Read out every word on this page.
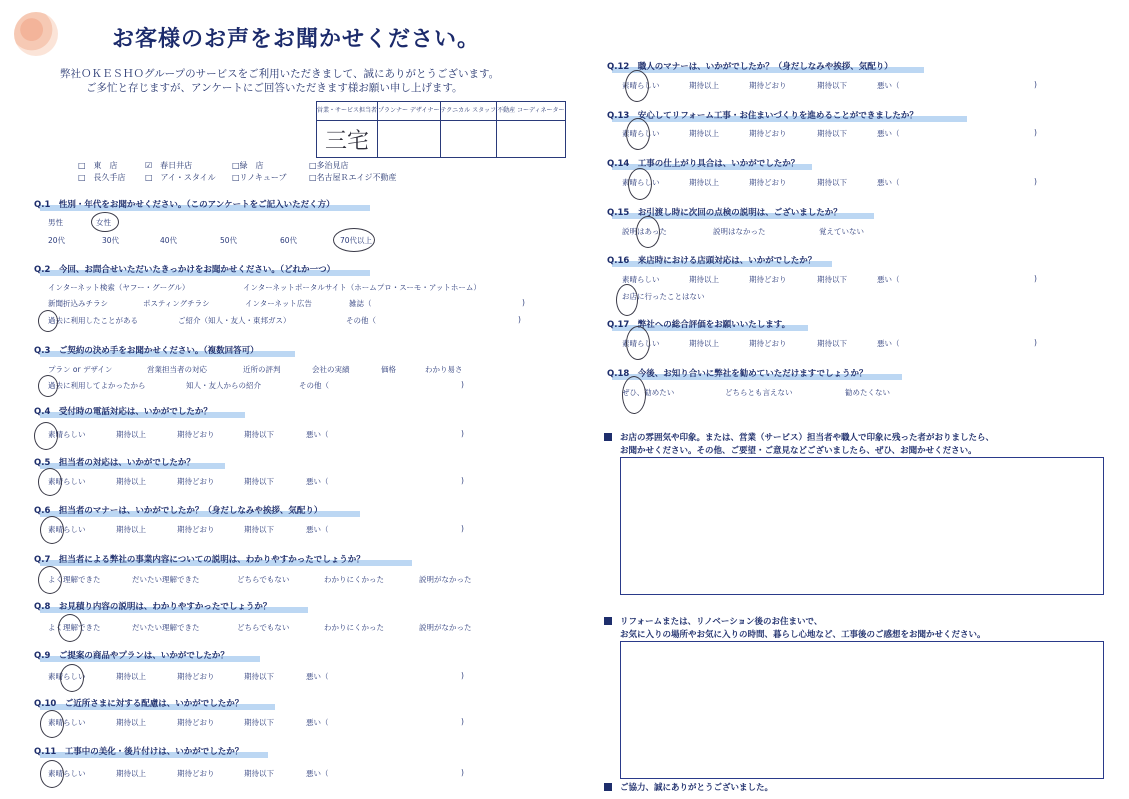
お客様のお声をお聞かせください。
弊社ＯＫＥＳＨＯグループのサービスをご利用いただきまして、誠にありがとうございます。
ご多忙と存じますが、アンケートにご回答いただきます様お願い申し上げます。
営業・サービス担当者	プランナー デザイナー	テクニカル スタッフ	不動産 コーディネーター
三宅			
□　東　店	☑　春日井店	□緑　店	□多治見店
□　長久手店 □　アイ・スタイル □リノキューブ	□名古屋Ｒエイジ不動産
Q.1　性別・年代をお聞かせください。（このアンケートをご記入いただく方）
男性	女性
20代	30代	40代	50代	60代	70代以上
Q.2　今回、お問合せいただいたきっかけをお聞かせください。（どれか一つ）
インターネット検索（ヤフー・グーグル）	インターネットポータルサイト（ホームプロ・スーモ・アットホーム）
新聞折込みチラシ	ポスティングチラシ	インターネット広告	雑誌（	)
過去に利用したことがある	ご紹介（知人・友人・東邦ガス）	その他（	)
Q.3　ご契約の決め手をお聞かせください。（複数回答可）
プラン or デザイン	営業担当者の対応	近所の評判	会社の実績	価格	わかり易さ
過去に利用してよかったから	知人・友人からの紹介	その他（	)
Q.4　受付時の電話対応は、いかがでしたか？
素晴らしい	期待以上	期待どおり	期待以下	悪い（	)
Q.5　担当者の対応は、いかがでしたか？
素晴らしい	期待以上	期待どおり	期待以下	悪い（	)
Q.6　担当者のマナーは、いかがでしたか？（身だしなみや挨拶、気配り）
素晴らしい	期待以上	期待どおり	期待以下	悪い（	)
Q.7　担当者による弊社の事業内容についての説明は、わかりやすかったでしょうか？
よく理解できた	だいたい理解できた	どちらでもない	わかりにくかった	説明がなかった
Q.8　お見積り内容の説明は、わかりやすかったでしょうか？
よく理解できた	だいたい理解できた	どちらでもない	わかりにくかった	説明がなかった
Q.9　ご提案の商品やプランは、いかがでしたか？
素晴らしい	期待以上	期待どおり	期待以下	悪い（	)
Q.10　ご近所さまに対する配慮は、いかがでしたか？
素晴らしい	期待以上	期待どおり	期待以下	悪い（	)
Q.11　工事中の美化・後片付けは、いかがでしたか？
素晴らしい	期待以上	期待どおり	期待以下	悪い（	)
Q.12　職人のマナーは、いかがでしたか？（身だしなみや挨拶、気配り）
素晴らしい	期待以上	期待どおり	期待以下	悪い（	)
Q.13　安心してリフォーム工事・お住まいづくりを進めることができましたか？
素晴らしい	期待以上	期待どおり	期待以下	悪い（	)
Q.14　工事の仕上がり具合は、いかがでしたか？
素晴らしい	期待以上	期待どおり	期待以下	悪い（	)
Q.15　お引渡し時に次回の点検の説明は、ございましたか？
説明はあった	説明はなかった	覚えていない
Q.16　来店時における店頭対応は、いかがでしたか？
素晴らしい	期待以上	期待どおり	期待以下	悪い（	)
お店に行ったことはない
Q.17　弊社への総合評価をお願いいたします。
素晴らしい	期待以上	期待どおり	期待以下	悪い（	)
Q.18　今後、お知り合いに弊社を勧めていただけますでしょうか？
ぜひ、勧めたい	どちらとも言えない	勧めたくない
お店の雰囲気や印象。または、営業（サービス）担当者や職人で印象に残った者がおりましたら、
お聞かせください。その他、ご要望・ご意見などございましたら、ぜひ、お聞かせください。
リフォームまたは、リノベーション後のお住まいで、
お気に入りの場所やお気に入りの時間、暮らし心地など、工事後のご感想をお聞かせください。
ご協力、誠にありがとうございました。
